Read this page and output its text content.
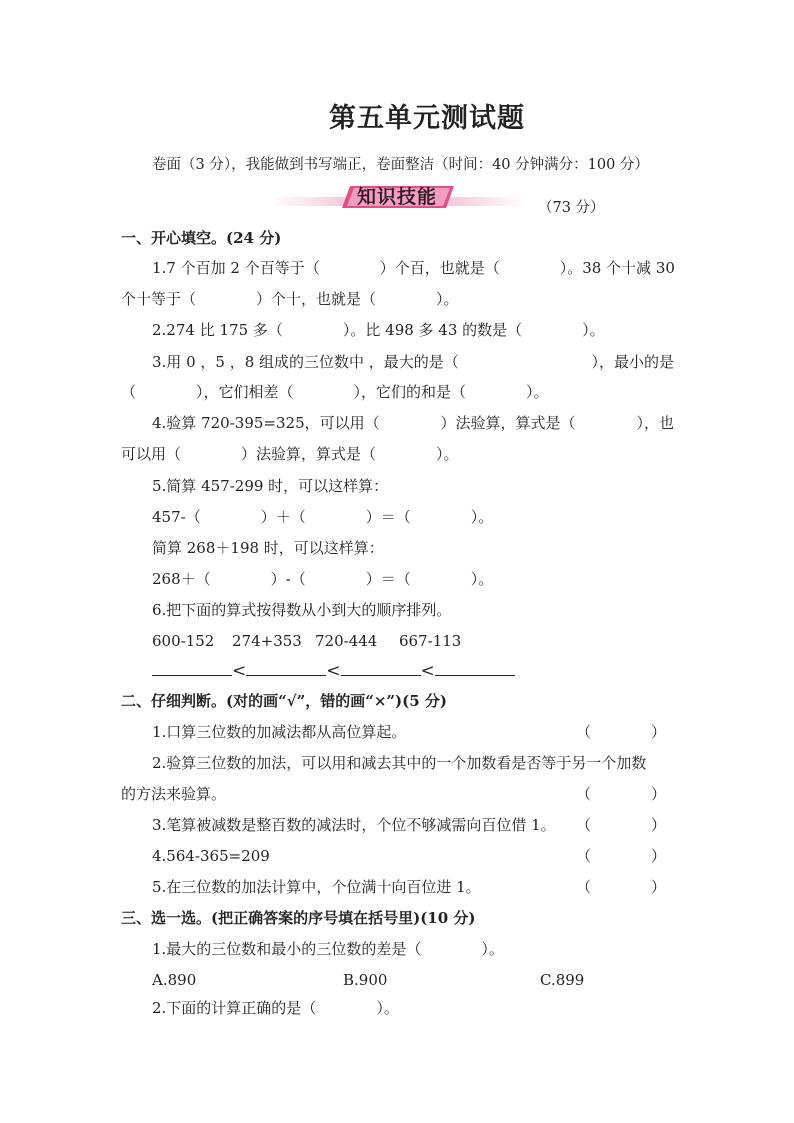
第五单元测试题
卷面（3 分），我能做到书写端正，卷面整洁（时间：40 分钟满分：100 分）
知识技能	（73 分）
一、开心填空。(24 分)
1.7 个百加 2 个百等于（　　　　）个百，也就是（　　　　）。38 个十减 30
个十等于（　　　　）个十，也就是（　　　　）。
2.274 比 175 多（　　　　）。比 498 多 43 的数是（　　　　）。
3.用 0 ，5 ，8 组成的三位数中 ，最大的是（	），最小的是
（　　　　），它们相差（　　　　），它们的和是（　　　　）。
4.验算 720-395=325，可以用（	）法验算，算式是（	），也
可以用（　　　　）法验算，算式是（　　　　）。
5.简算 457-299 时，可以这样算：
457-（　　　　）＋（　　　　）＝（　　　　）。
简算 268＋198 时，可以这样算：
268＋（　　　　）-（　　　　）＝（　　　　）。
6.把下面的算式按得数从小到大的顺序排列。
600-152 274+353 720-444 667-113
<	<	<
二、仔细判断。(对的画“√”，错的画“×”)(5 分)
1.口算三位数的加减法都从高位算起。	（　　　　）
2.验算三位数的加法，可以用和减去其中的一个加数看是否等于另一个加数
的方法来验算。	（　　　　）
3.笔算被减数是整百数的减法时，个位不够减需向百位借 1。 （　　　　）
4.564-365=209	（　　　　）
5.在三位数的加法计算中，个位满十向百位进 1。	（　　　　）
三、选一选。(把正确答案的序号填在括号里)(10 分)
1.最大的三位数和最小的三位数的差是（　　　　）。
A.890	B.900	C.899
2.下面的计算正确的是（　　　　）。
